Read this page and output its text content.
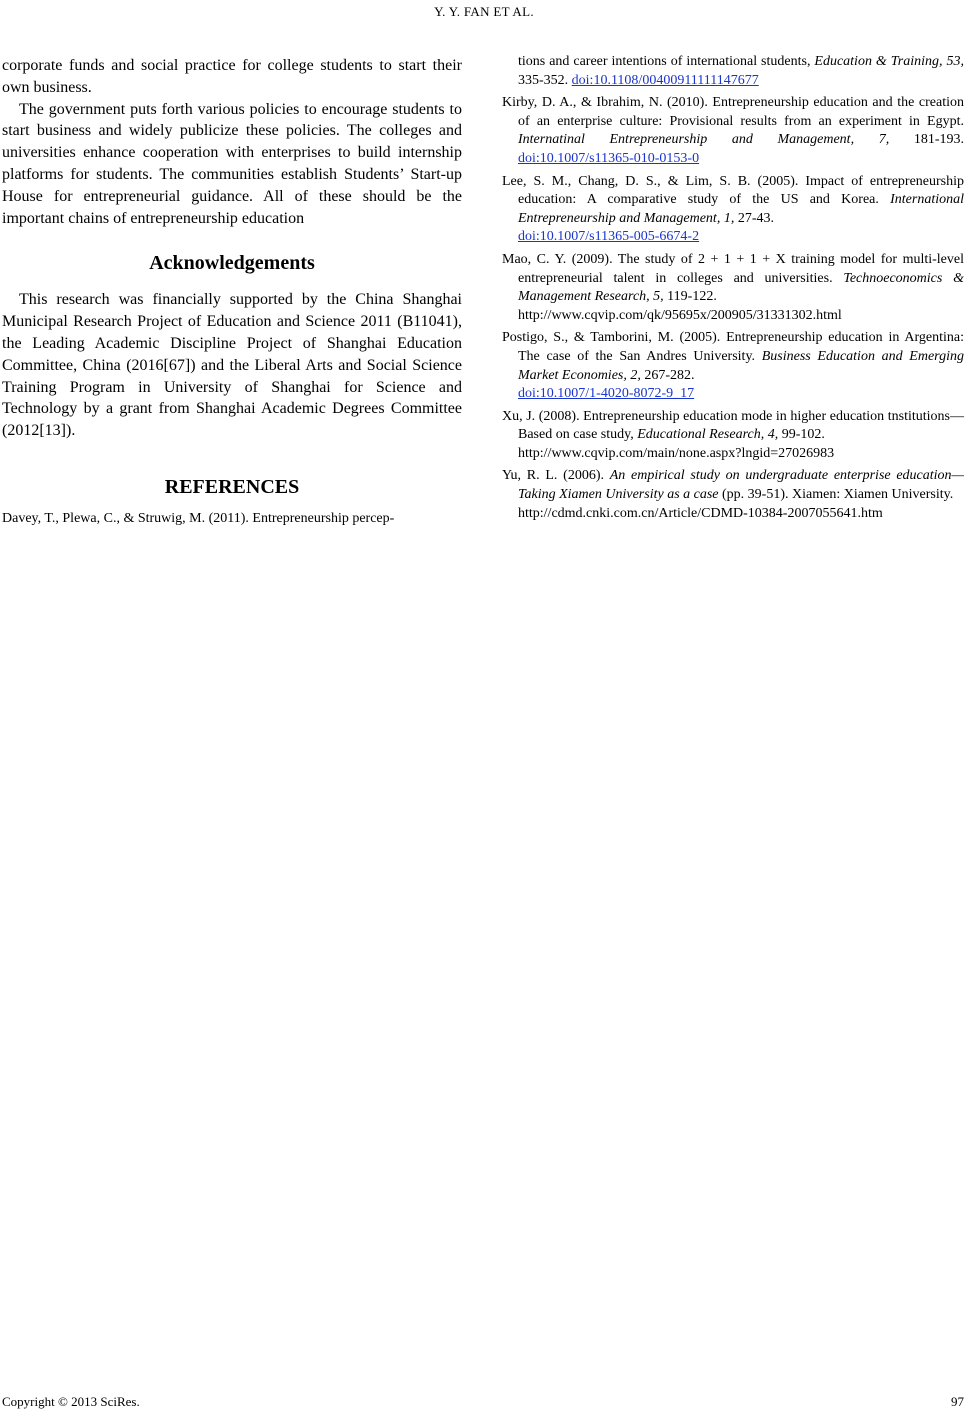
Y. Y. FAN ET AL.

corporate funds and social practice for college students to start their own business.

The government puts forth various policies to encourage students to start business and widely publicize these policies. The colleges and universities enhance cooperation with enterprises to build internship platforms for students. The communities establish Students’ Start-up House for entrepreneurial guidance. All of these should be the important chains of entrepreneurship education

Acknowledgements

This research was financially supported by the China Shanghai Municipal Research Project of Education and Science 2011 (B11041), the Leading Academic Discipline Project of Shanghai Education Committee, China (2016[67]) and the Liberal Arts and Social Science Training Program in University of Shanghai for Science and Technology by a grant from Shanghai Academic Degrees Committee (2012[13]).

REFERENCES

Davey, T., Plewa, C., & Struwig, M. (2011). Entrepreneurship percep-

tions and career intentions of international students, Education & Training, 53, 335-352. doi:10.1108/00400911111147677

Kirby, D. A., & Ibrahim, N. (2010). Entrepreneurship education and the creation of an enterprise culture: Provisional results from an experiment in Egypt. Internatinal Entrepreneurship and Management, 7, 181-193. doi:10.1007/s11365-010-0153-0

Lee, S. M., Chang, D. S., & Lim, S. B. (2005). Impact of entrepreneurship education: A comparative study of the US and Korea. International Entrepreneurship and Management, 1, 27-43.
doi:10.1007/s11365-005-6674-2

Mao, C. Y. (2009). The study of 2 + 1 + 1 + X training model for multi-level entrepreneurial talent in colleges and universities. Technoeconomics & Management Research, 5, 119-122.
http://www.cqvip.com/qk/95695x/200905/31331302.html

Postigo, S., & Tamborini, M. (2005). Entrepreneurship education in Argentina: The case of the San Andres University. Business Education and Emerging Market Economies, 2, 267-282.
doi:10.1007/1-4020-8072-9_17

Xu, J. (2008). Entrepreneurship education mode in higher education tnstitutions—Based on case study, Educational Research, 4, 99-102.
http://www.cqvip.com/main/none.aspx?lngid=27026983

Yu, R. L. (2006). An empirical study on undergraduate enterprise education—Taking Xiamen University as a case (pp. 39-51). Xiamen: Xiamen University.
http://cdmd.cnki.com.cn/Article/CDMD-10384-2007055641.htm

Copyright © 2013 SciRes.	97
